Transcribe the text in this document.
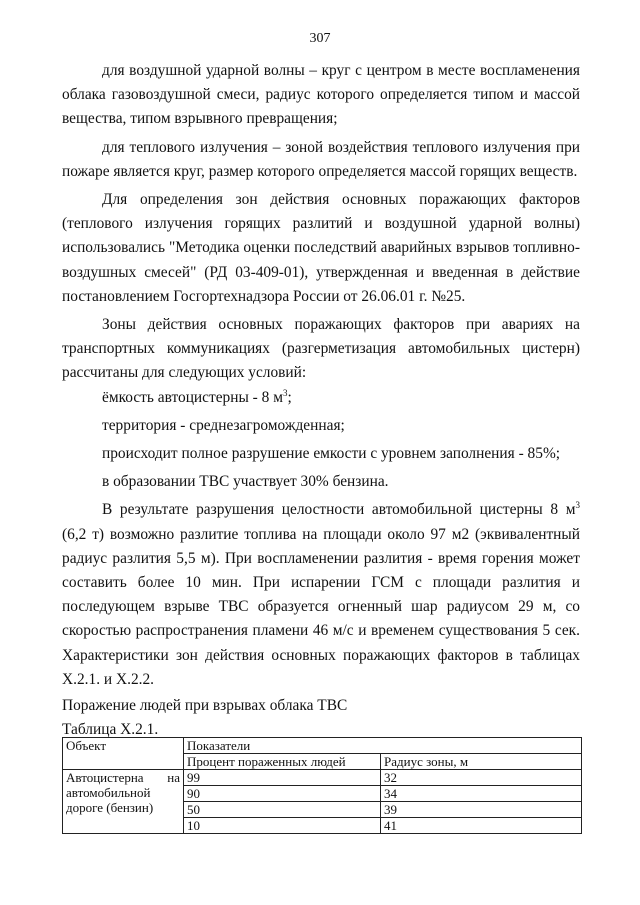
307

для воздушной ударной волны – круг с центром в месте воспламенения облака газовоздушной смеси, радиус которого определяется типом и массой вещества, типом взрывного превращения;

для теплового излучения – зоной воздействия теплового излучения при пожаре является круг, размер которого определяется массой горящих веществ.

Для определения зон действия основных поражающих факторов (теплового излучения горящих разлитий и воздушной ударной волны) использовались "Методика оценки последствий аварийных взрывов топливно-воздушных смесей" (РД 03-409-01), утвержденная и введенная в действие постановлением Госгортехнадзора России от 26.06.01 г. №25.

Зоны действия основных поражающих факторов при авариях на транспортных коммуникациях (разгерметизация автомобильных цистерн) рассчитаны для следующих условий:

ёмкость автоцистерны - 8 $м^3$;

территория - среднезагроможденная;

происходит полное разрушение емкости с уровнем заполнения - 85%;

в образовании ТВС участвует 30% бензина.

В результате разрушения целостности автомобильной цистерны 8 $м^3$ (6,2 т) возможно разлитие топлива на площади около 97 м2 (эквивалентный радиус разлития 5,5 м). При воспламенении разлития - время горения может составить более 10 мин. При испарении ГСМ с площади разлития и последующем взрыве ТВС образуется огненный шар радиусом 29 м, со скоростью распространения пламени 46 м/с и временем существования 5 сек. Характеристики зон действия основных поражающих факторов в таблицах Х.2.1. и Х.2.2.

Поражение людей при взрывах облака ТВС

Таблица Х.2.1.

Объект	Показатели	
	Процент пораженных людей	Радиус зоны, м

Автоцистерна на
автомобильной
дороге (бензин)	99	32
	90	34
	50	39
	10	41
